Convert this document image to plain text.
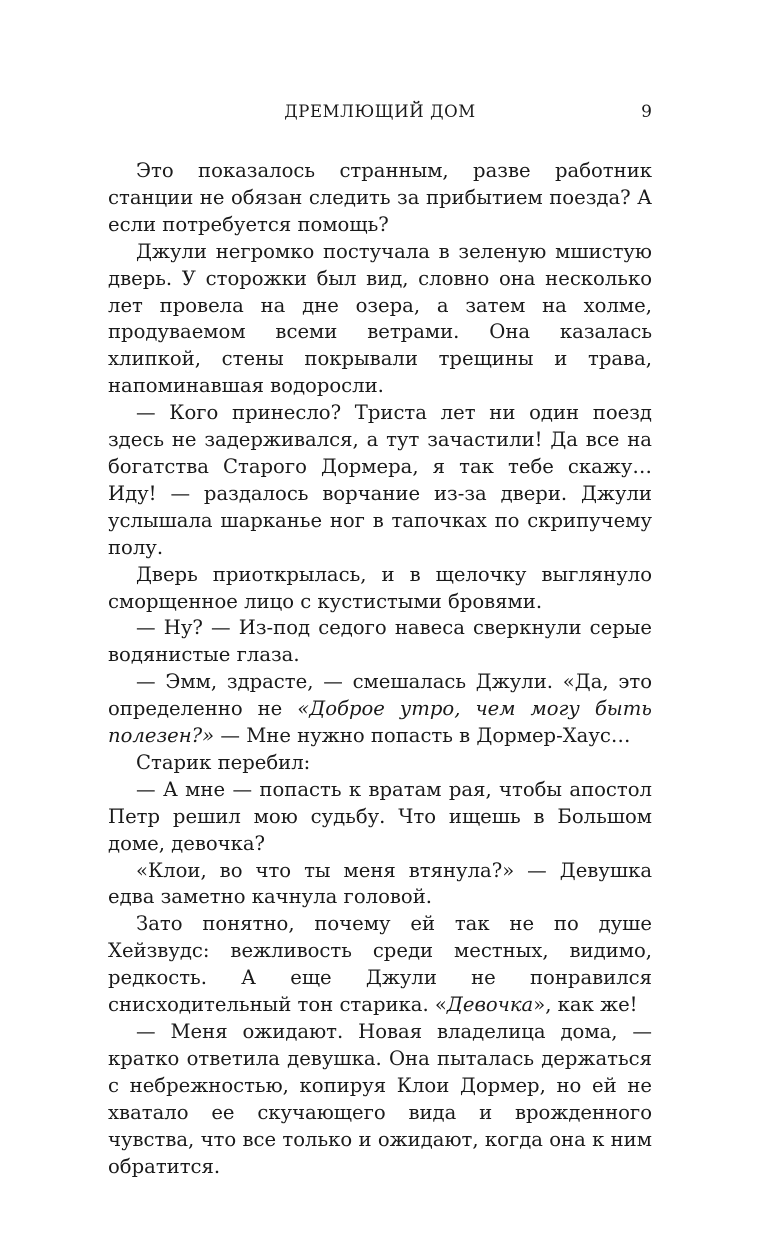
ДРЕМЛЮЩИЙ ДОМ	9

Это показалось странным, разве работник станции не обязан следить за прибытием поезда? А если потребуется помощь?

Джули негромко постучала в зеленую мшистую дверь. У сторожки был вид, словно она несколько лет провела на дне озера, а затем на холме, продуваемом всеми ветрами. Она казалась хлипкой, стены покрывали трещины и трава, напоминавшая водоросли.

— Кого принесло? Триста лет ни один поезд здесь не задерживался, а тут зачастили! Да все на богатства Старого Дормера, я так тебе скажу… Иду! — раздалось ворчание из-за двери. Джули услышала шарканье ног в тапочках по скрипучему полу.

Дверь приоткрылась, и в щелочку выглянуло сморщенное лицо с кустистыми бровями.

— Ну? — Из-под седого навеса сверкнули серые водянистые глаза.

— Эмм, здрасте, — смешалась Джули. «Да, это определенно не «Доброе утро, чем могу быть полезен?» — Мне нужно попасть в Дормер-Хаус…

Старик перебил:

— А мне — попасть к вратам рая, чтобы апостол Петр решил мою судьбу. Что ищешь в Большом доме, девочка?

«Клои, во что ты меня втянула?» — Девушка едва заметно качнула головой.

Зато понятно, почему ей так не по душе Хейзвудс: вежливость среди местных, видимо, редкость. А еще Джули не понравился снисходительный тон старика. «Девочка», как же!

— Меня ожидают. Новая владелица дома, — кратко ответила девушка. Она пыталась держаться с небрежностью, копируя Клои Дормер, но ей не хватало ее скучающего вида и врожденного чувства, что все только и ожидают, когда она к ним обратится.
